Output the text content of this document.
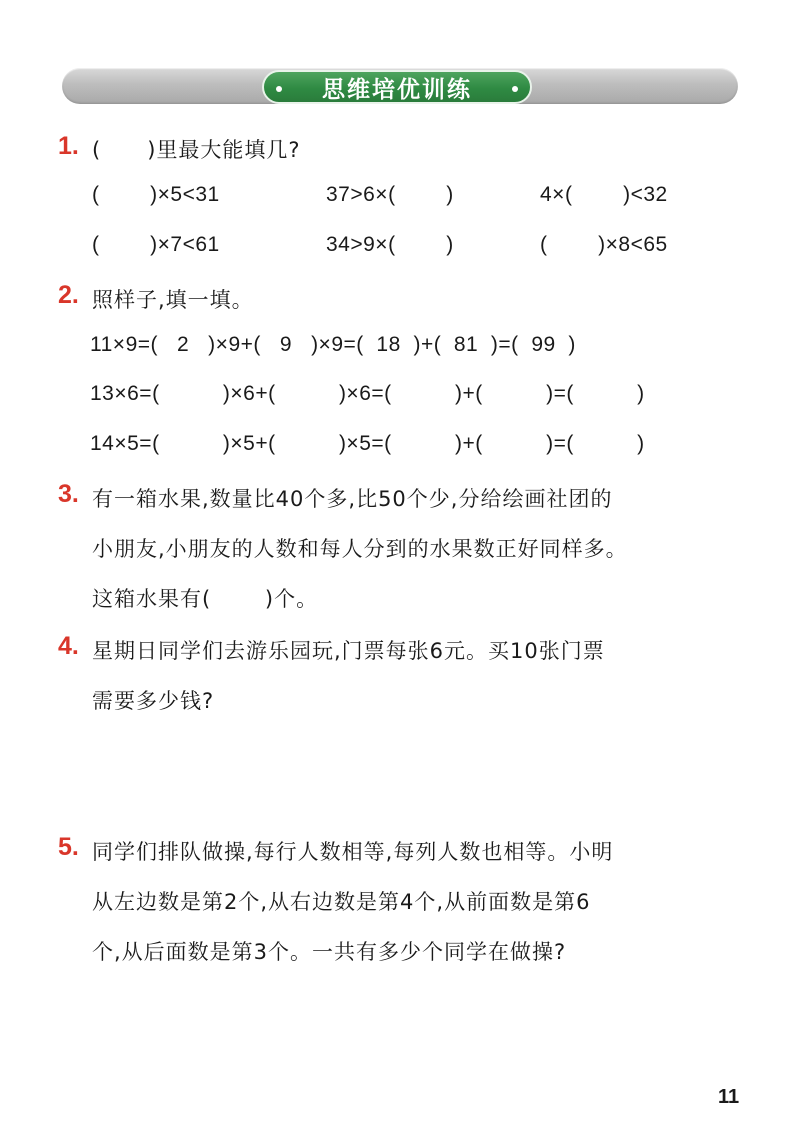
思维培优训练
1. (      )里最大能填几?
(        )×5<31	37>6×(        )	4×(        )<32
(        )×7<61	34>9×(        )	(        )×8<65
2. 照样子,填一填。
11×9=(   2   )×9+(   9   )×9=(  18  )+(  81  )=(  99  )
13×6=(          )×6+(          )×6=(          )+(          )=(          )
14×5=(          )×5+(          )×5=(          )+(          )=(          )
3. 有一箱水果,数量比40个多,比50个少,分给绘画社团的
小朋友,小朋友的人数和每人分到的水果数正好同样多。
这箱水果有(       )个。
4. 星期日同学们去游乐园玩,门票每张6元。买10张门票
需要多少钱?
5. 同学们排队做操,每行人数相等,每列人数也相等。小明
从左边数是第2个,从右边数是第4个,从前面数是第6
个,从后面数是第3个。一共有多少个同学在做操?
11
